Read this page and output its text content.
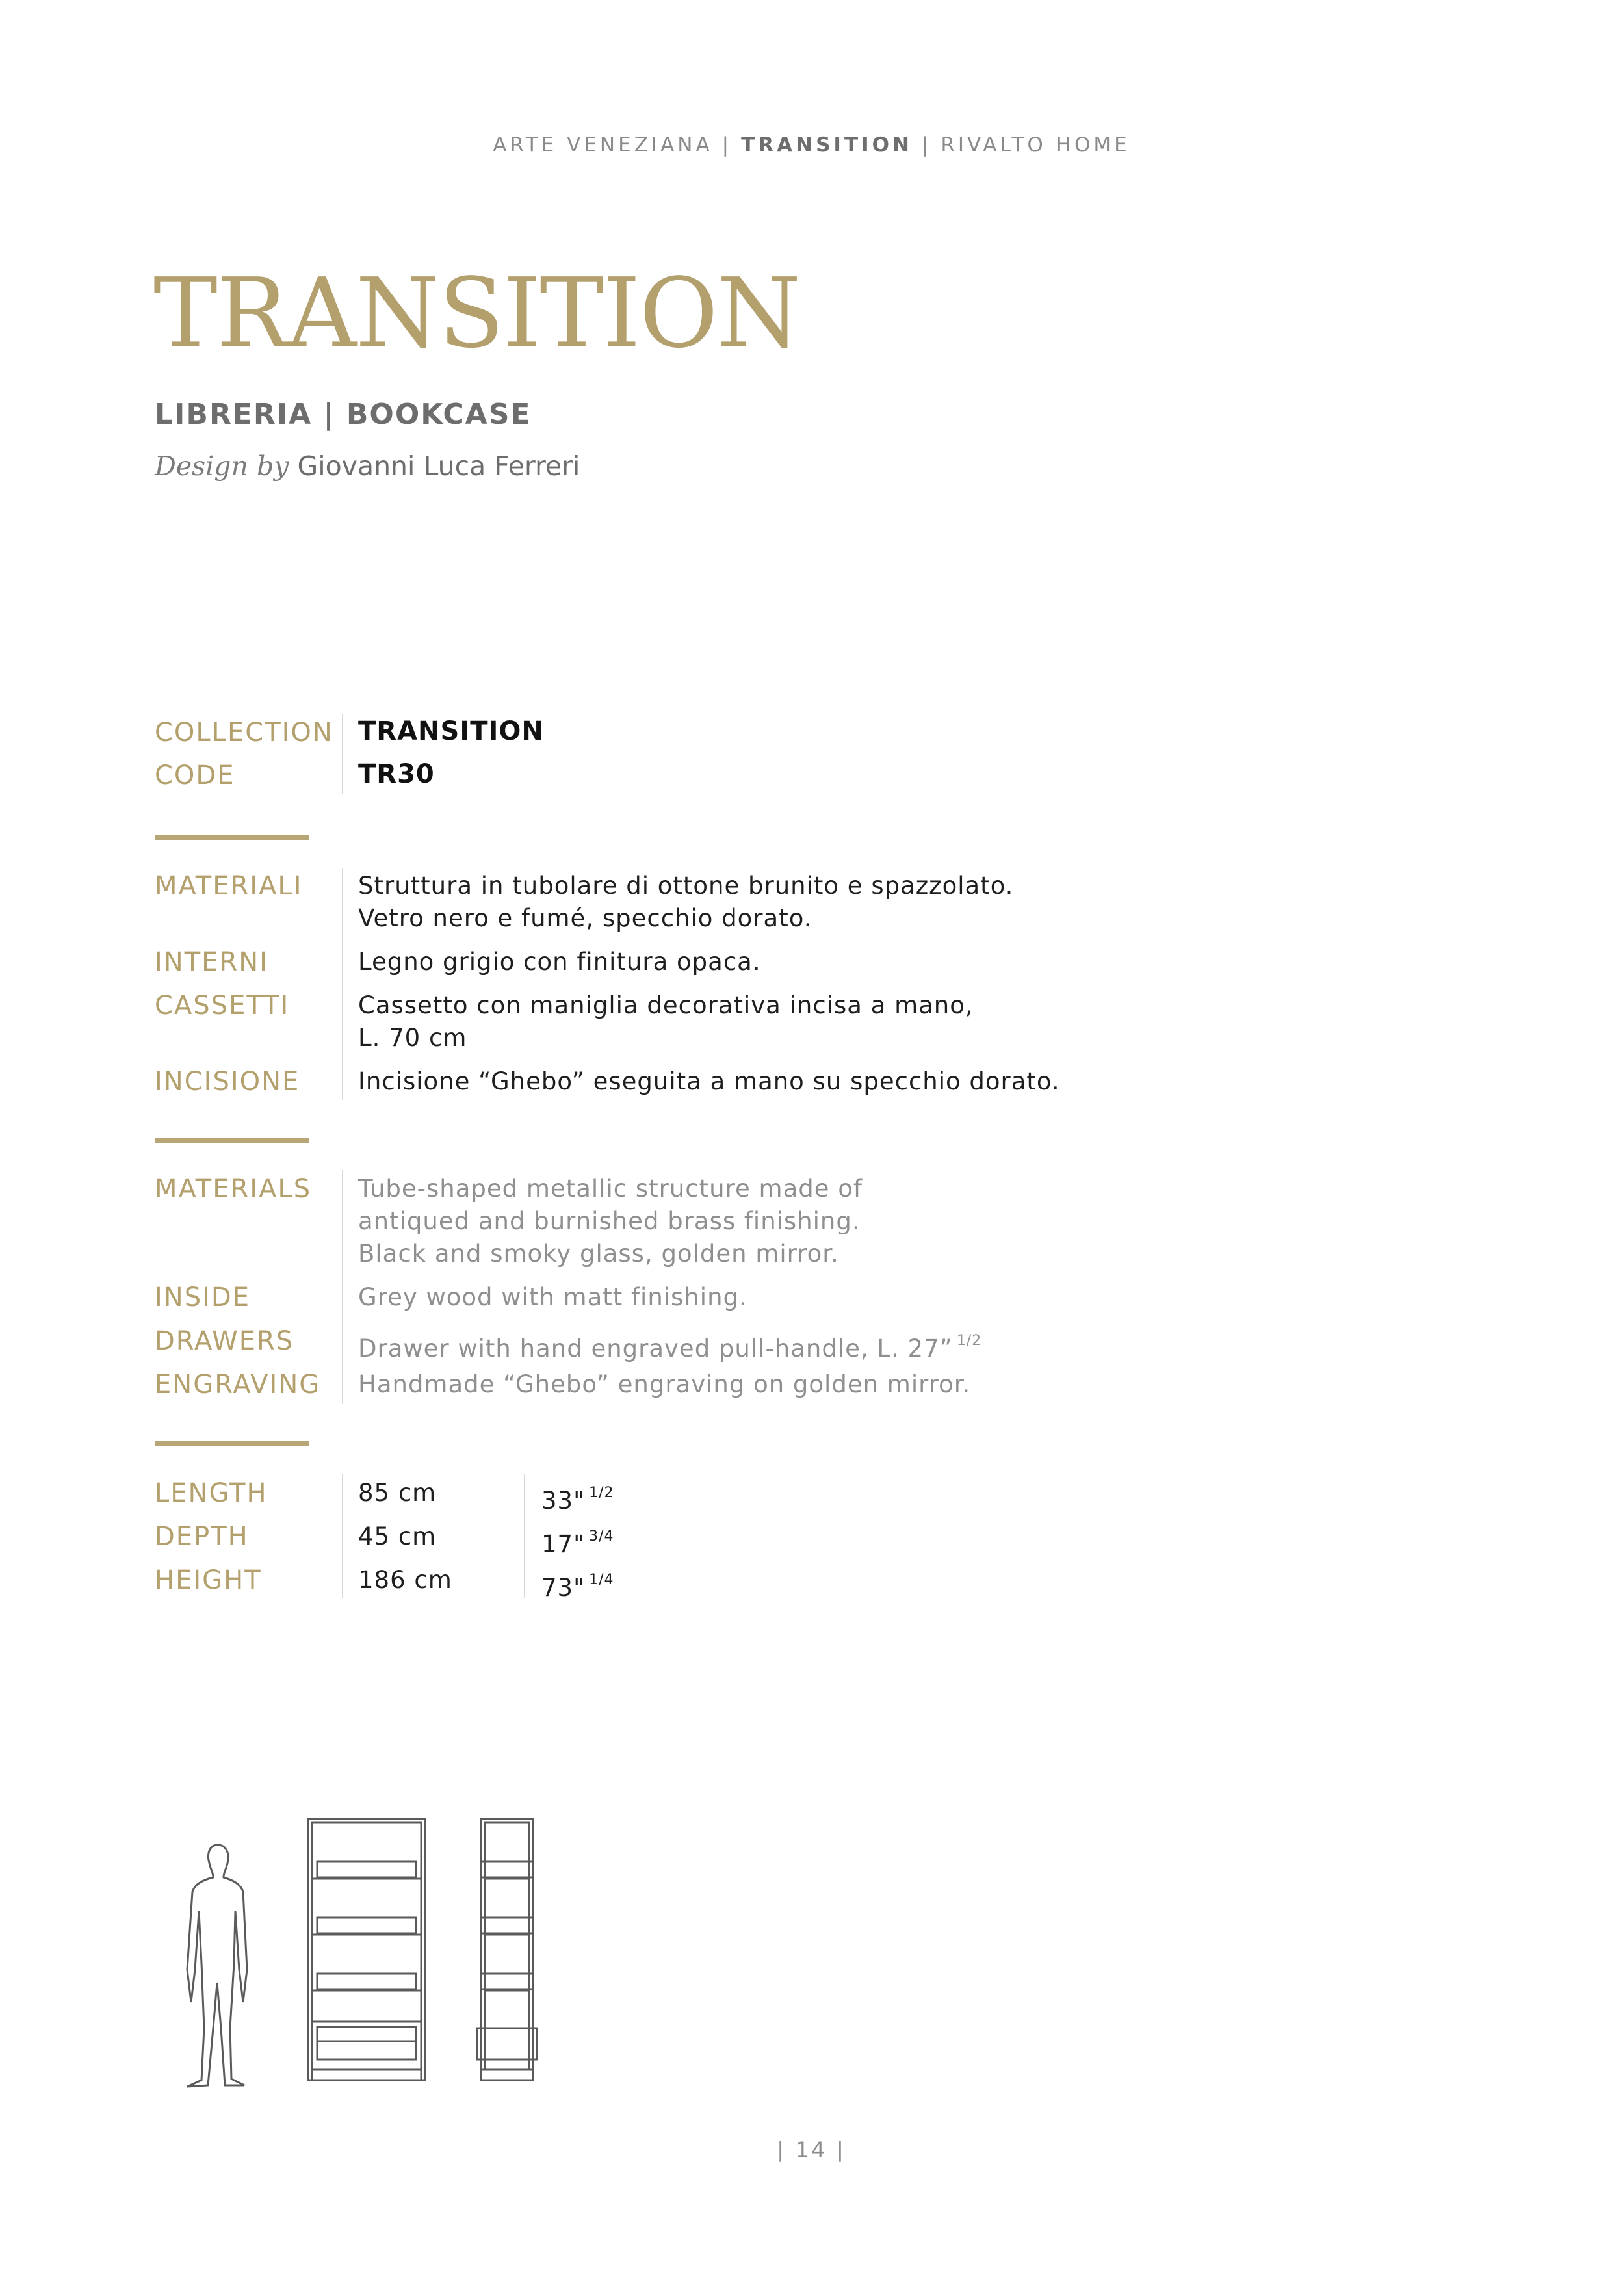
ARTE VENEZIANA | TRANSITION | RIVALTO HOME
TRANSITION
LIBRERIA | BOOKCASE
Design by Giovanni Luca Ferreri
COLLECTION TRANSITION
CODE	TR30
MATERIALI Struttura in tubolare di ottone brunito e spazzolato.
Vetro nero e fumé, specchio dorato.
INTERNI	Legno grigio con finitura opaca.
CASSETTI	Cassetto con maniglia decorativa incisa a mano,
L. 70 cm
INCISIONE Incisione “Ghebo” eseguita a mano su specchio dorato.
MATERIALS Tube-shaped metallic structure made of
antiqued and burnished brass finishing.
Black and smoky glass, golden mirror.
INSIDE	Grey wood with matt finishing.
DRAWERS	Drawer with hand engraved pull-handle, L. 27” $^{1/2}$
ENGRAVING Handmade “Ghebo” engraving on golden mirror.
LENGTH	85 cm	33" $^{1/2}$
DEPTH	45 cm	17" $^{3/4}$
HEIGHT	186 cm	73" $^{1/4}$
| 14 |
